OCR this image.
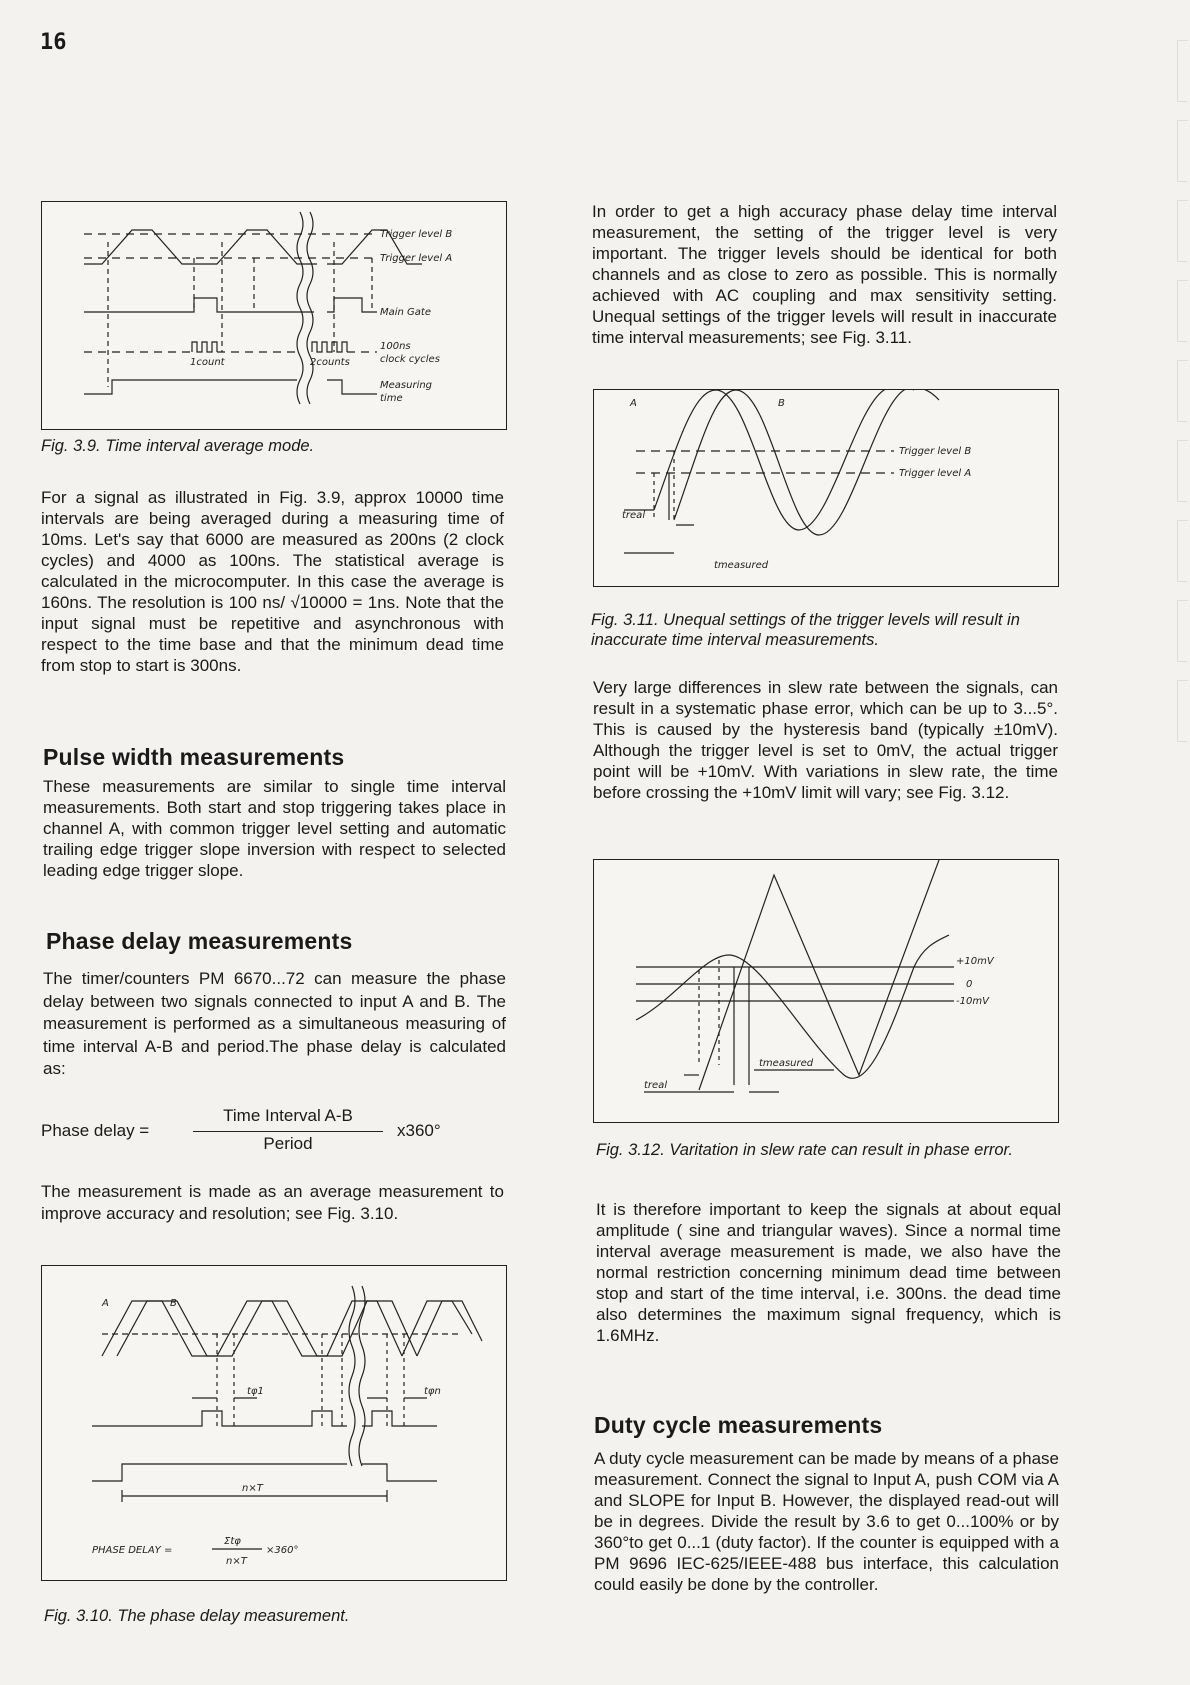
16
Trigger level B
Trigger level A
Main Gate
100ns
clock cycles
1count	2counts
Measuring
time

Fig. 3.9. Time interval average mode.

For a signal as illustrated in Fig. 3.9, approx 10000 time intervals are being averaged during a measuring time of 10ms. Let's say that 6000 are measured as 200ns (2 clock cycles) and 4000 as 100ns. The statistical average is calculated in the microcomputer. In this case the average is 160ns. The resolution is 100 ns/ √10000 = 1ns. Note that the input signal must be repetitive and asynchronous with respect to the time base and that the minimum dead time from stop to start is 300ns.

Pulse width measurements

These measurements are similar to single time interval measurements. Both start and stop triggering takes place in channel A, with common trigger level setting and automatic trailing edge trigger slope inversion with respect to selected leading edge trigger slope.

Phase delay measurements

The timer/counters PM 6670...72 can measure the phase delay between two signals connected to input A and B. The measurement is performed as a simultaneous measuring of time interval A-B and period.The phase delay is calculated as:

Phase delay =
Time Interval A-B
Period
x360°

The measurement is made as an average measurement to improve accuracy and resolution; see Fig. 3.10.

A	B
tφ1	tφn
n×T
PHASE DELAY =
Σtφ
n×T
×360°

Fig. 3.10. The phase delay measurement.

In order to get a high accuracy phase delay time interval measurement, the setting of the trigger level is very important. The trigger levels should be identical for both channels and as close to zero as possible. This is normally achieved with AC coupling and max sensitivity setting. Unequal settings of the trigger levels will result in inaccurate time interval measurements; see Fig. 3.11.

A	B
Trigger level B
Trigger level A
treal
tmeasured

Fig. 3.11. Unequal settings of the trigger levels will result in inaccurate time interval measurements.

Very large differences in slew rate between the signals, can result in a systematic phase error, which can be up to 3...5°. This is caused by the hysteresis band (typically ±10mV). Although the trigger level is set to 0mV, the actual trigger point will be +10mV. With variations in slew rate, the time before crossing the +10mV limit will vary; see Fig. 3.12.

+10mV
0
-10mV
tmeasured
treal

Fig. 3.12. Varitation in slew rate can result in phase error.

It is therefore important to keep the signals at about equal amplitude ( sine and triangular waves). Since a normal time interval average measurement is made, we also have the normal restriction concerning minimum dead time between stop and start of the time interval, i.e. 300ns. the dead time also determines the maximum signal frequency, which is 1.6MHz.

Duty cycle measurements

A duty cycle measurement can be made by means of a phase measurement. Connect the signal to Input A, push COM via A and SLOPE for Input B. However, the displayed read-out will be in degrees. Divide the result by 3.6 to get 0...100% or by 360°to get 0...1 (duty factor). If the counter is equipped with a PM 9696 IEC-625/IEEE-488 bus interface, this calculation could easily be done by the controller.
